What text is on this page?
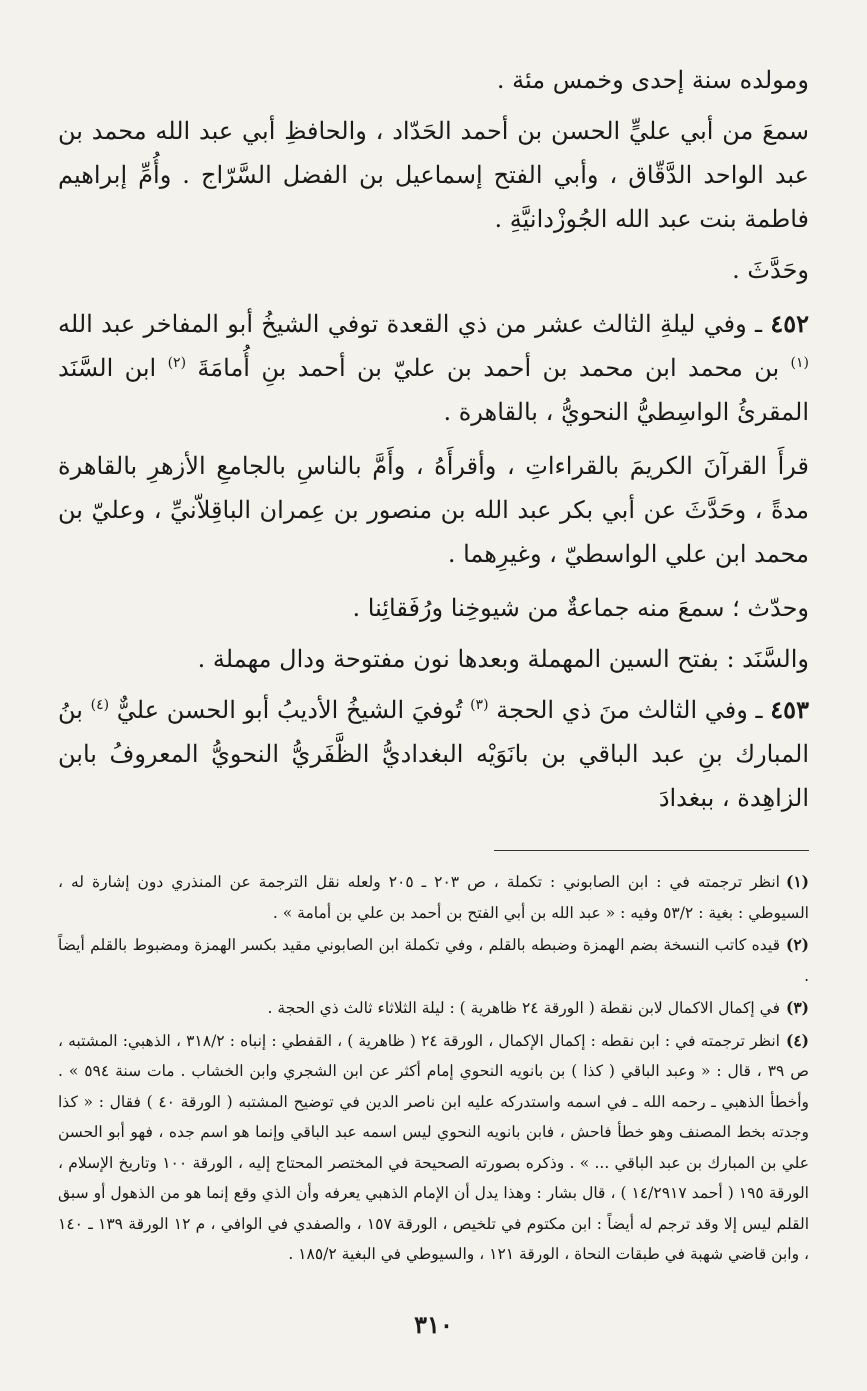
ومولده سنة إحدى وخمس مئة .

سمعَ من أبي عليٍّ الحسن بن أحمد الحَدّاد ، والحافظِ أبي عبد الله محمد بن عبد الواحد الدَّقّاق ، وأبي الفتح إسماعيل بن الفضل السَّرّاج . وأُمِّ إبراهيم فاطمة بنت عبد الله الجُوزْدانيَّةِ .

وحَدَّثَ .

٤٥٢ ـ وفي ليلةِ الثالث عشر من ذي القعدة توفي الشيخُ أبو المفاخر عبد الله $^{(١)}$ بن محمد ابن محمد بن أحمد بن عليّ بن أحمد بنِ أُمامَةَ $^{(٢)}$ ابن السَّنَد المقرئُ الواسِطيُّ النحويُّ ، بالقاهرة .

قرأَ القرآنَ الكريمَ بالقراءاتِ ، وأقرأَهُ ، وأَمَّ بالناسِ بالجامعِ الأزهرِ بالقاهرة مدةً ، وحَدَّثَ عن أبي بكر عبد الله بن منصور بن عِمران الباقِلاّنيِّ ، وعليّ بن محمد ابن علي الواسطيّ ، وغيرِهما .

وحدّث ؛ سمعَ منه جماعةٌ من شيوخِنا ورُفَقائِنا .

والسَّنَد : بفتح السين المهملة وبعدها نون مفتوحة ودال مهملة .

٤٥٣ ـ وفي الثالث منَ ذي الحجة $^{(٣)}$ تُوفيَ الشيخُ الأديبُ أبو الحسن عليٌّ $^{(٤)}$ بنُ المبارك بنِ عبد الباقي بن بانَوَيْه البغداديُّ الظَّفَريُّ النحويُّ المعروفُ بابن الزاهِدة ، ببغدادَ

(١)انظر ترجمته في : ابن الصابوني : تكملة ، ص ٢٠٣ ـ ٢٠٥ ولعله نقل الترجمة عن المنذري دون إشارة له ، السيوطي : بغية : ٥٣/٢ وفيه : « عبد الله بن أبي الفتح بن أحمد بن علي بن أمامة » .

(٢)قيده كاتب النسخة بضم الهمزة وضبطه بالقلم ، وفي تكملة ابن الصابوني مقيد بكسر الهمزة ومضبوط بالقلم أيضاً .

(٣)في إكمال الاكمال لابن نقطة ( الورقة ٢٤ ظاهرية ) : ليلة الثلاثاء ثالث ذي الحجة .

(٤)انظر ترجمته في : ابن نقطه : إكمال الإكمال ، الورقة ٢٤ ( ظاهرية ) ، القفطي : إنباه : ٣١٨/٢ ، الذهبي: المشتبه ، ص ٣٩ ، قال : « وعبد الباقي ( كذا ) بن بانويه النحوي إمام أكثر عن ابن الشجري وابن الخشاب . مات سنة ٥٩٤ » . وأخطأ الذهبي ـ رحمه الله ـ في اسمه واستدركه عليه ابن ناصر الدين في توضيح المشتبه ( الورقة ٤٠ ) فقال : « كذا وجدته بخط المصنف وهو خطأ فاحش ، فابن بانويه النحوي ليس اسمه عبد الباقي وإنما هو اسم جده ، فهو أبو الحسن علي بن المبارك بن عبد الباقي ... » . وذكره بصورته الصحيحة في المختصر المحتاج إليه ، الورقة ١٠٠ وتاريخ الإسلام ، الورقة ١٩٥ ( أحمد ١٤/٢٩١٧ ) ، قال بشار : وهذا يدل أن الإمام الذهبي يعرفه وأن الذي وقع إنما هو من الذهول أو سبق القلم ليس إلا وقد ترجم له أيضاً : ابن مكتوم في تلخيص ، الورقة ١٥٧ ، والصفدي في الوافي ، م ١٢ الورقة ١٣٩ ـ ١٤٠ ، وابن قاضي شهبة في طبقات النحاة ، الورقة ١٢١ ، والسيوطي في البغية ١٨٥/٢ .

٣١٠
